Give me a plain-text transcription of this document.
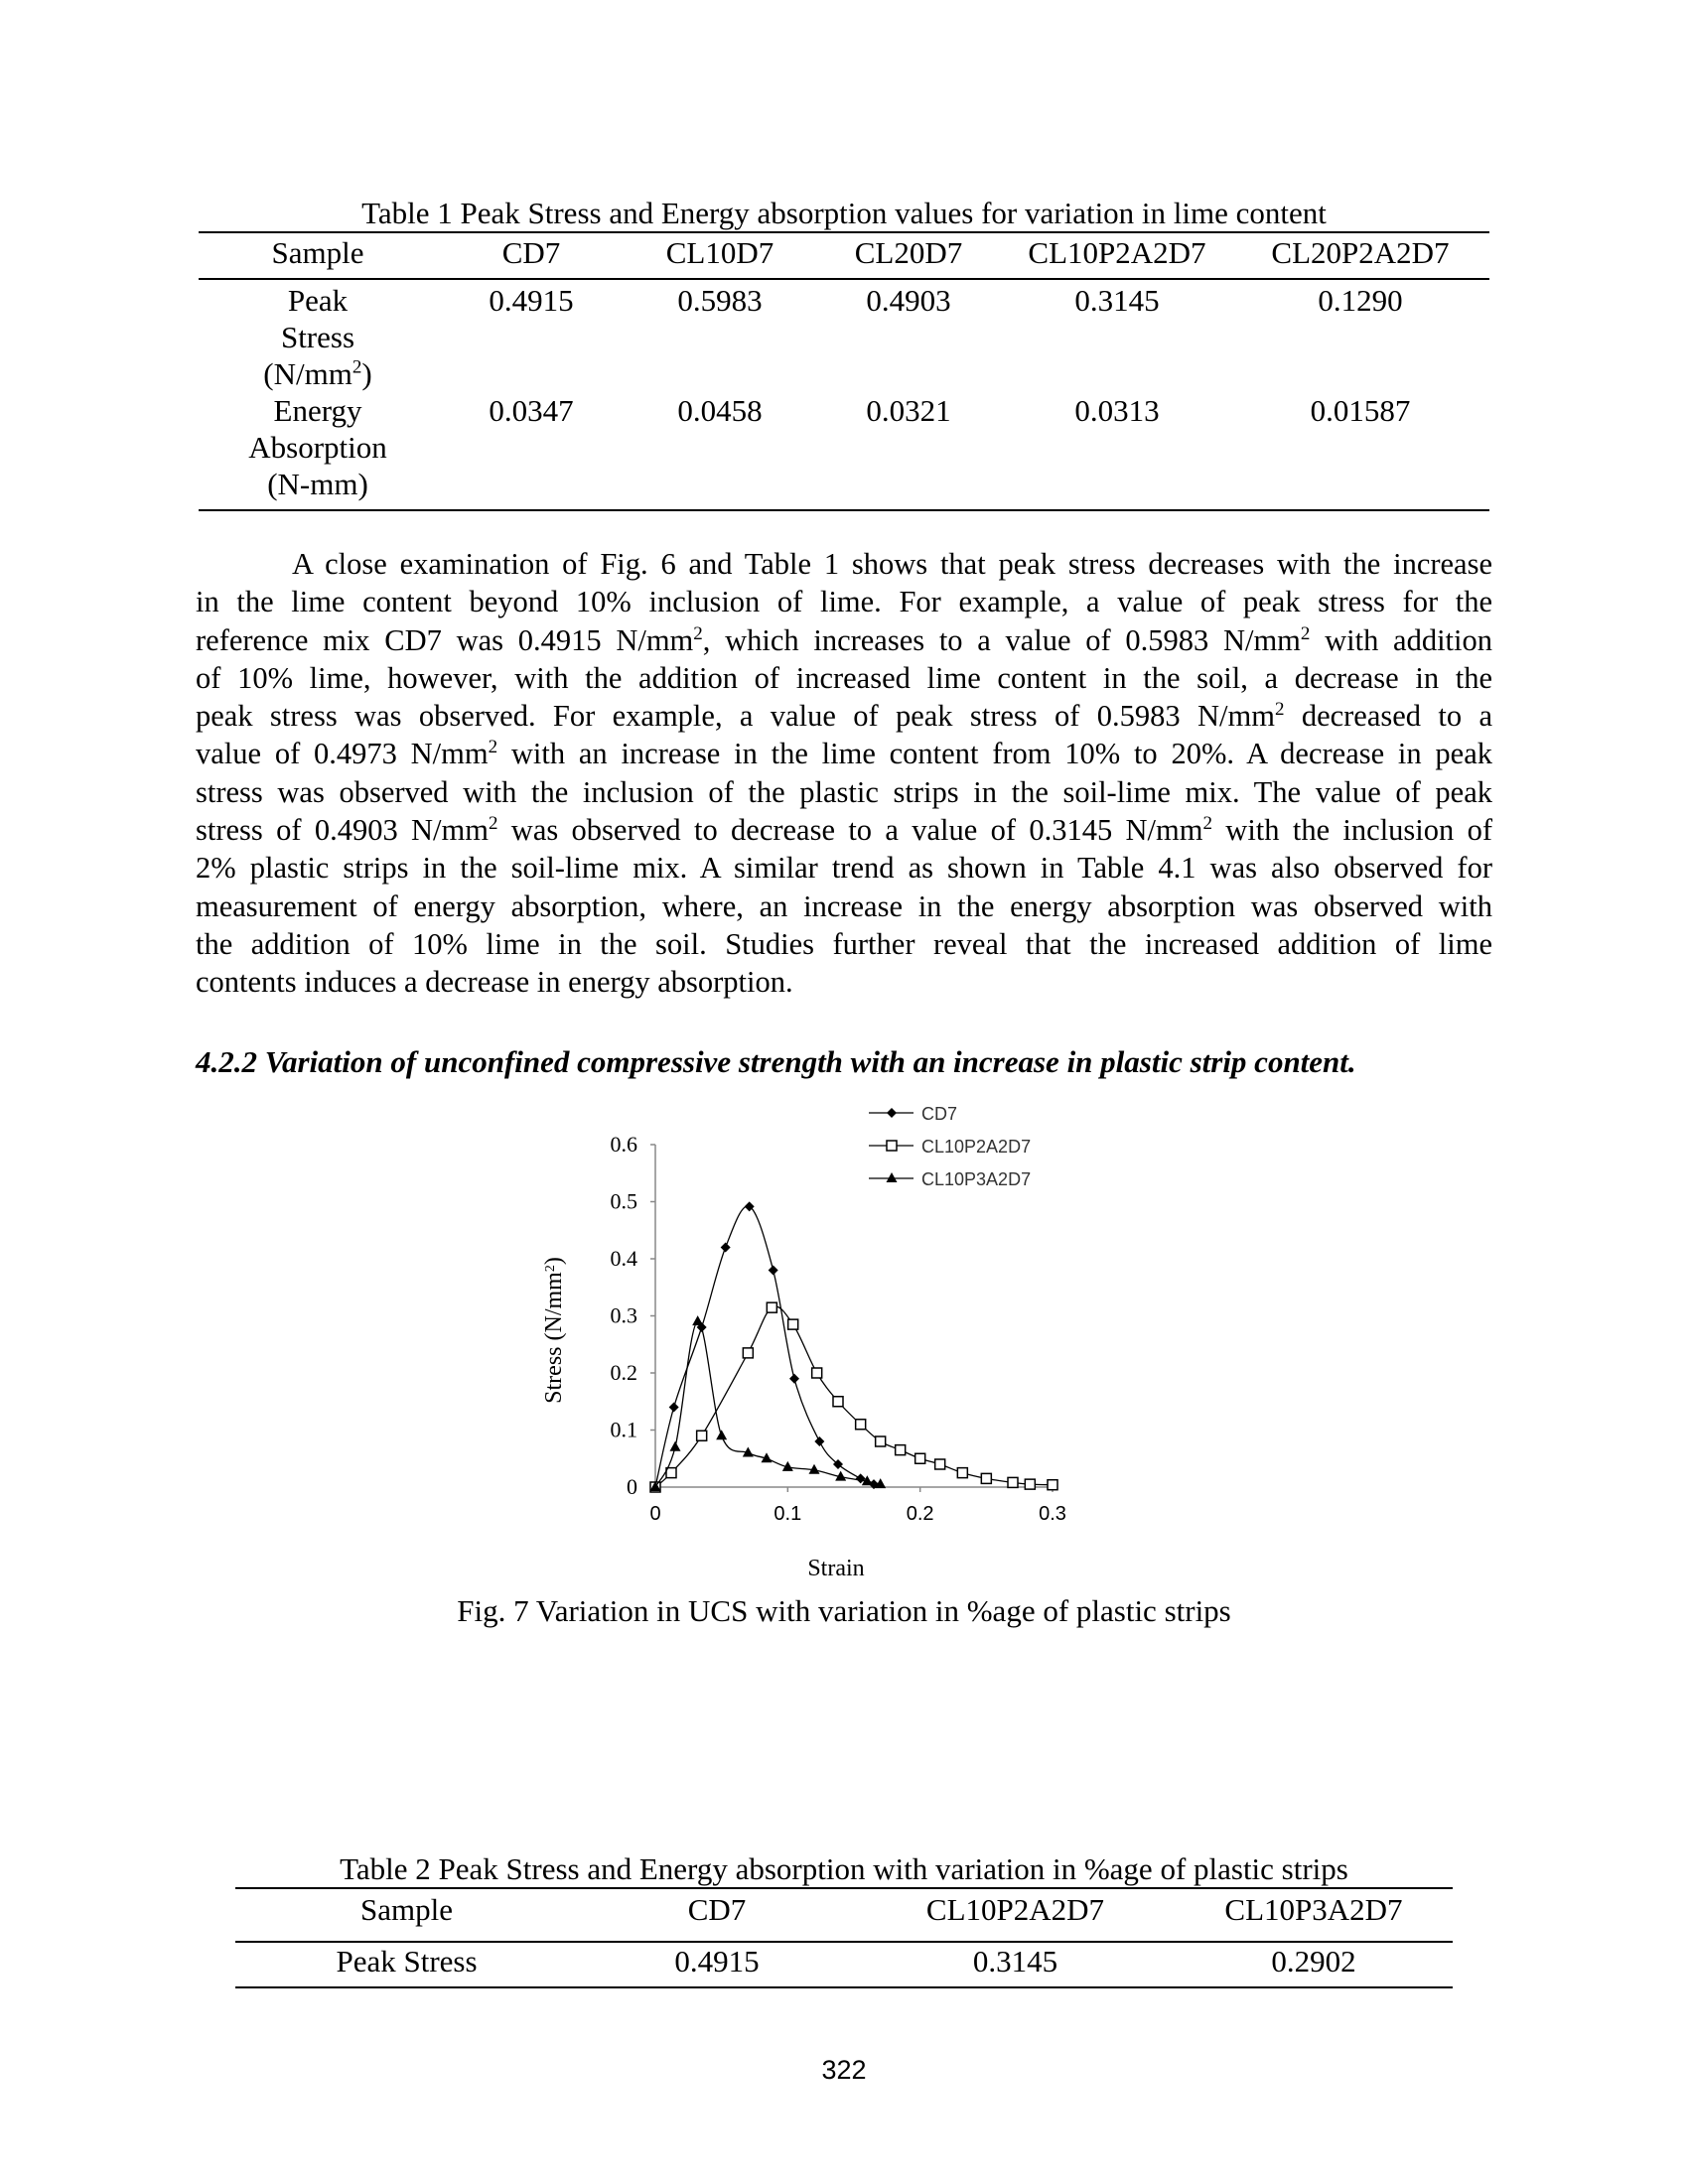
Table 1 Peak Stress and Energy absorption values for variation in lime content
Sample	CD7	CL10D7	CL20D7	CL10P2A2D7	CL20P2A2D7

Peak
Stress
$(N/mm^2)$	0.4915	0.5983	0.4903	0.3145	0.1290

Energy
Absorption
(N-mm)	0.0347	0.0458	0.0321	0.0313	0.01587
A close examination of Fig. 6 and Table 1 shows that peak stress decreases with the increase
in the lime content beyond 10% inclusion of lime. For example, a value of peak stress for the
reference mix CD7 was 0.4915 $N/mm^2$, which increases to a value of 0.5983 $N/mm^2$ with addition
of 10% lime, however, with the addition of increased lime content in the soil, a decrease in the
peak stress was observed. For example, a value of peak stress of 0.5983 $N/mm^2$ decreased to a
value of 0.4973 $N/mm^2$ with an increase in the lime content from 10% to 20%. A decrease in peak
stress was observed with the inclusion of the plastic strips in the soil-lime mix. The value of peak
stress of 0.4903 $N/mm^2$ was observed to decrease to a value of 0.3145 $N/mm^2$ with the inclusion of
2% plastic strips in the soil-lime mix. A similar trend as shown in Table 4.1 was also observed for
measurement of energy absorption, where, an increase in the energy absorption was observed with
the addition of 10% lime in the soil. Studies further reveal that the increased addition of lime
contents induces a decrease in energy absorption.
4.2.2 Variation of unconfined compressive strength with an increase in plastic strip content.
0
0.1
0.2
0.3
0.4
0.5
0.6
0	0.1	0.2	0.3
CD7
CL10P2A2D7
CL10P3A2D7
Strain
Stress $(N/mm^2)$
Fig. 7 Variation in UCS with variation in %age of plastic strips
Table 2 Peak Stress and Energy absorption with variation in %age of plastic strips
Sample	CD7	CL10P2A2D7	CL10P3A2D7

Peak Stress	0.4915	0.3145	0.2902
322
